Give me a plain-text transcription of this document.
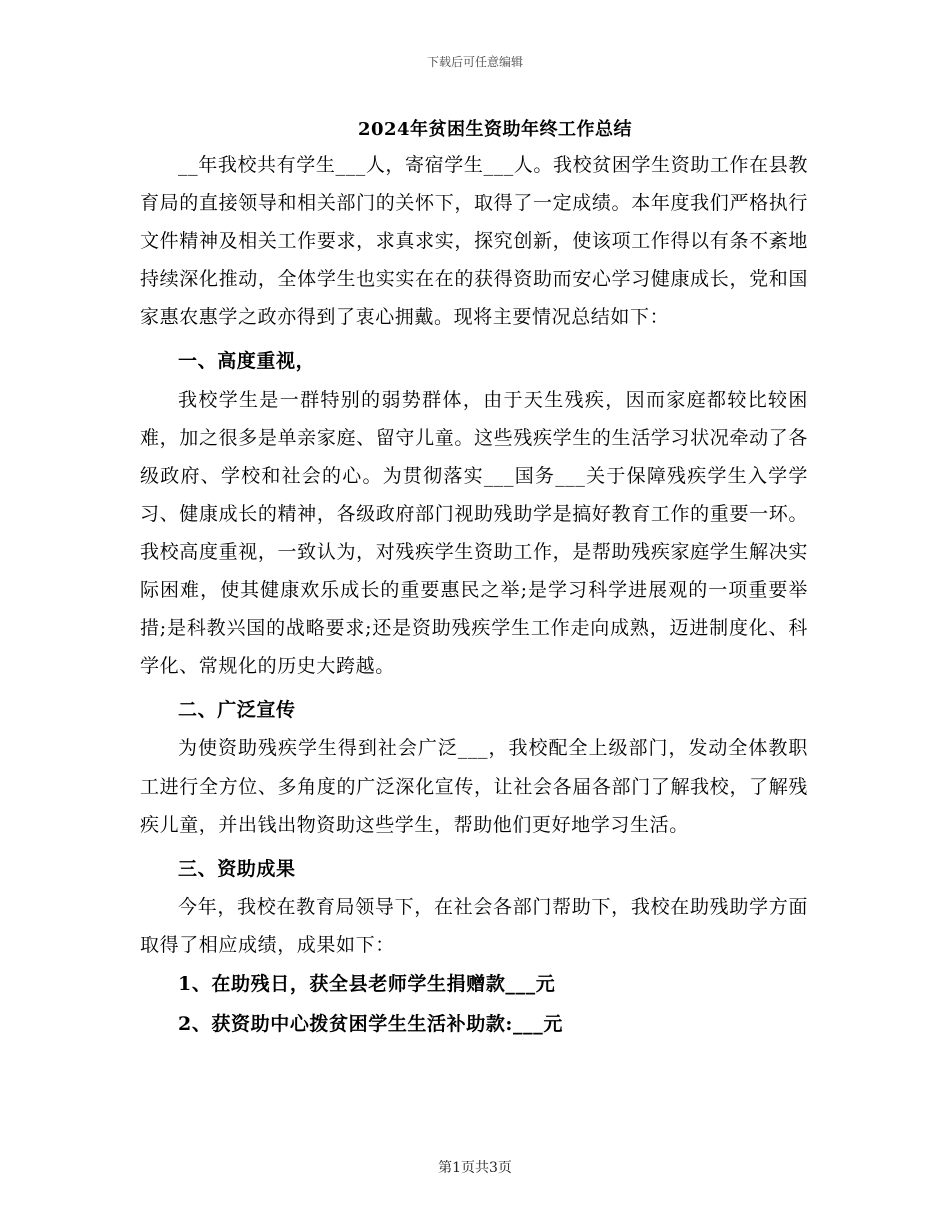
下载后可任意编辑
2024年贫困生资助年终工作总结

__年我校共有学生___人，寄宿学生___人。我校贫困学生资助工作在县教育局的直接领导和相关部门的关怀下，取得了一定成绩。本年度我们严格执行文件精神及相关工作要求，求真求实，探究创新，使该项工作得以有条不紊地持续深化推动，全体学生也实实在在的获得资助而安心学习健康成长，党和国家惠农惠学之政亦得到了衷心拥戴。现将主要情况总结如下：

一、高度重视，

我校学生是一群特别的弱势群体，由于天生残疾，因而家庭都较比较困难，加之很多是单亲家庭、留守儿童。这些残疾学生的生活学习状况牵动了各级政府、学校和社会的心。为贯彻落实___国务___关于保障残疾学生入学学习、健康成长的精神，各级政府部门视助残助学是搞好教育工作的重要一环。我校高度重视，一致认为，对残疾学生资助工作，是帮助残疾家庭学生解决实际困难，使其健康欢乐成长的重要惠民之举;是学习科学进展观的一项重要举措;是科教兴国的战略要求;还是资助残疾学生工作走向成熟，迈进制度化、科学化、常规化的历史大跨越。

二、广泛宣传

为使资助残疾学生得到社会广泛___，我校配全上级部门，发动全体教职工进行全方位、多角度的广泛深化宣传，让社会各届各部门了解我校，了解残疾儿童，并出钱出物资助这些学生，帮助他们更好地学习生活。

三、资助成果

今年，我校在教育局领导下，在社会各部门帮助下，我校在助残助学方面取得了相应成绩，成果如下：

1、在助残日，获全县老师学生捐赠款___元

2、获资助中心拨贫困学生生活补助款:___元

第1页共3页
